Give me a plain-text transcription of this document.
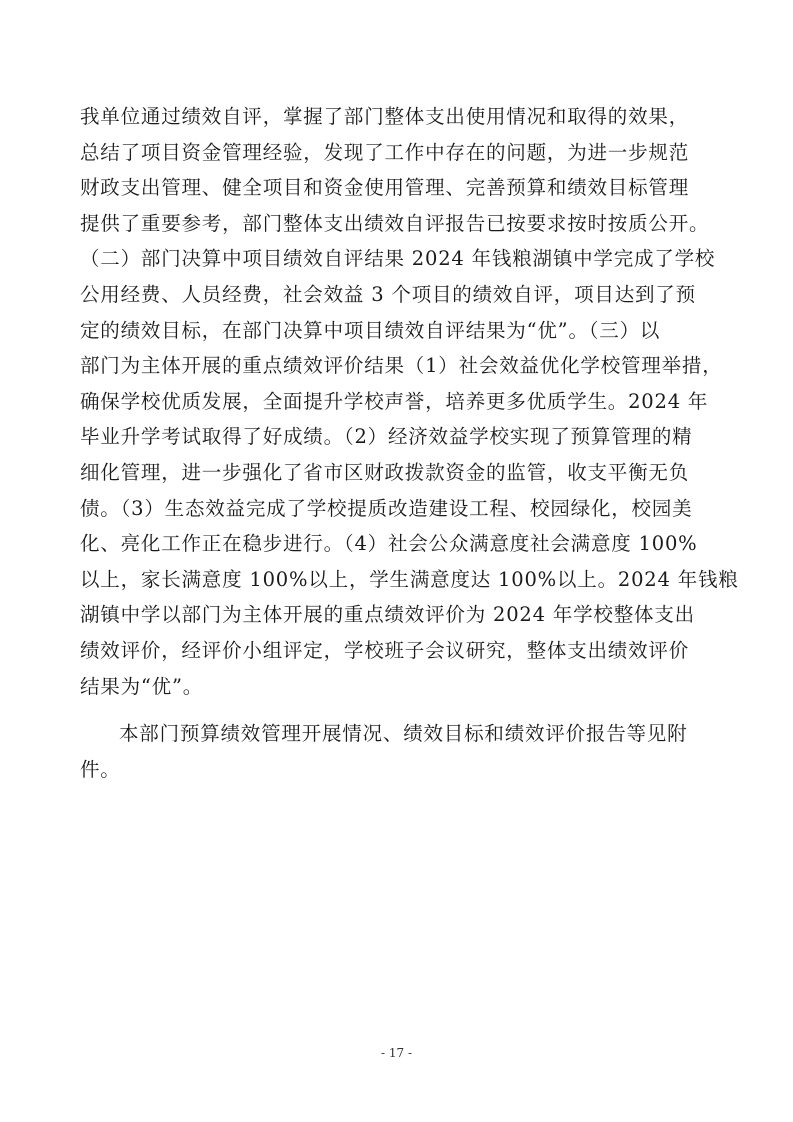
我单位通过绩效自评，掌握了部门整体支出使用情况和取得的效果，
总结了项目资金管理经验，发现了工作中存在的问题，为进一步规范
财政支出管理、健全项目和资金使用管理、完善预算和绩效目标管理
提供了重要参考，部门整体支出绩效自评报告已按要求按时按质公开。
（二）部门决算中项目绩效自评结果 2024 年钱粮湖镇中学完成了学校
公用经费、人员经费，社会效益 3 个项目的绩效自评，项目达到了预
定的绩效目标，在部门决算中项目绩效自评结果为“优”。（三）以
部门为主体开展的重点绩效评价结果（1）社会效益优化学校管理举措，
确保学校优质发展，全面提升学校声誉，培养更多优质学生。2024 年
毕业升学考试取得了好成绩。（2）经济效益学校实现了预算管理的精
细化管理，进一步强化了省市区财政拨款资金的监管，收支平衡无负
债。（3）生态效益完成了学校提质改造建设工程、校园绿化，校园美
化、亮化工作正在稳步进行。（4）社会公众满意度社会满意度 100%
以上，家长满意度 100%以上，学生满意度达 100%以上。2024 年钱粮
湖镇中学以部门为主体开展的重点绩效评价为 2024 年学校整体支出
绩效评价，经评价小组评定，学校班子会议研究，整体支出绩效评价
结果为“优”。
本部门预算绩效管理开展情况、绩效目标和绩效评价报告等见附
件。
- 17 -
